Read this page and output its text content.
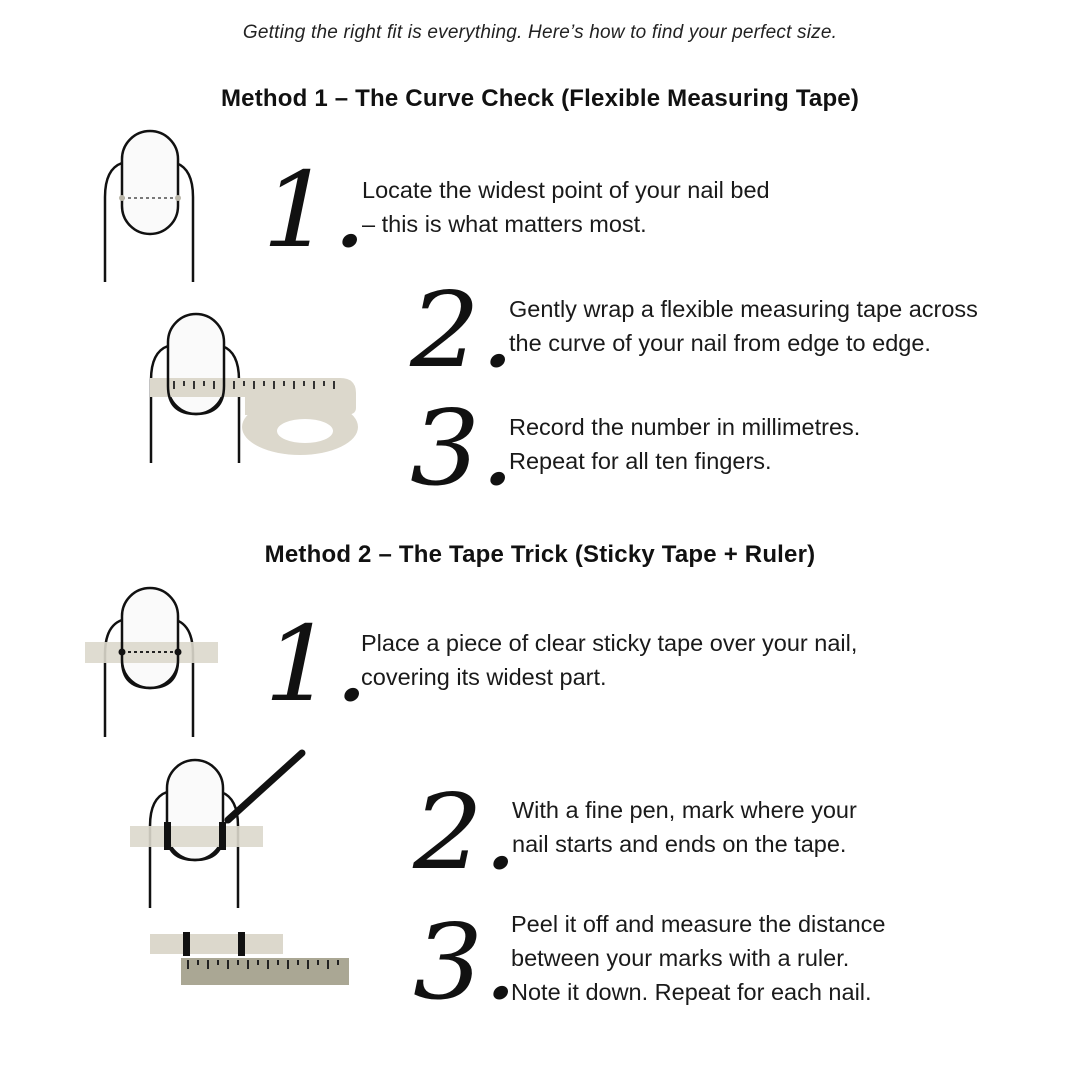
Getting the right fit is everything. Here’s how to find your perfect size.
Method 1 – The Curve Check (Flexible Measuring Tape)
1.
Locate the widest point of your nail bed
– this is what matters most.
2.
Gently wrap a flexible measuring tape across
the curve of your nail from edge to edge.
3.
Record the number in millimetres.
Repeat for all ten fingers.
Method 2 – The Tape Trick (Sticky Tape + Ruler)
1.
Place a piece of clear sticky tape over your nail,
covering its widest part.
2.
With a fine pen, mark where your
nail starts and ends on the tape.
3.
Peel it off and measure the distance
between your marks with a ruler.
Note it down. Repeat for each nail.
